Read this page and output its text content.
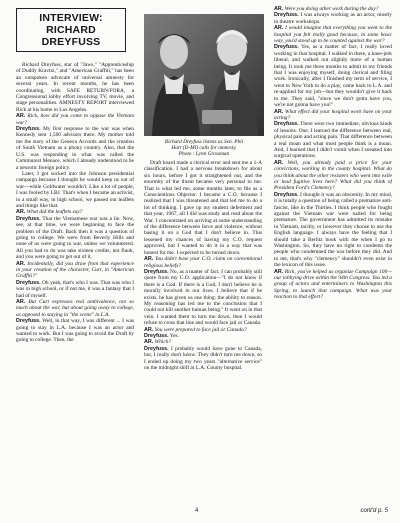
INTERVIEW:
RICHARD DREYFUSS

Richard Dreyfuss, star of "Jaws," "Apprenticeship of Duddy Kravitz," and "American Graffiti," has been an outspoken advocate of universal amnesty for several years. In recent months, he has been coordinating, with SAFE RETURN/FORA, a Congressional lobby effort involving TV, movie, and stage personalities. AMNESTY REPORT interviewed Rick at his home in Los Angeles.

AR. Rick, how did you come to oppose the Vietnam war?

Dreyfuss. My first response to the war was when Kennedy sent 1,500 advisors there. My mother told me the story of the Geneva Accords and the creation of South Vietnam as a phony country. Also, that the U.S. was responding to what was called the Communist Menace, which I already understood to be a neurotic foreign policy.

Later, I got sucked into the Johnson presidential campaign because I thought he would keep us out of war—while Goldwater wouldn't. Like a lot of people, I was fooled by LBJ. That's when I became an activist, in a small way, in high school, we passed out leaflets and things like that.

AR. What did the leaflets say?

Dreyfuss. That the Vietnamese war was a lie. Now, see, at that time, we were beginning to face the problem of the Draft. Back then it was a question of going to college. We were from Beverly Hills and none of us were going to war, unless we volunteered. All you had to do was take sixteen credits, not flunk, and you were going to get out of it.

AR. Incidentally, did you draw from that experience in your creation of the character, Curt, in "American Graffiti?"

Dreyfuss. Oh yeah, that's who I was. That was who I was in high school, or if not me, it was a fantasy that I had of myself.

AR. But Curt expresses real ambivalence, not so much about the war, but about going away to college, as opposed to staying in "the scene" in L.A.

Dreyfuss. Well, in that way, I was different ... I was going to stay in L.A. because I was an actor and wanted to work. But I was going to avoid the Draft by going to college. Then, the

Richard Dreyfuss listens as Sen. Phil
Hart (D-MI) calls for amnesty.
Photo : Lynn Grossman

Draft board made a clerical error and sent me a 1-A classification. I had a nervous breakdown for about six hours, before I got it straightened out, and the enormity of the threat became very personal to me. That is what led me, some months later, to file as a Conscientious Objector. I became a C.O. because I realized that I was threatened and that led me to do a lot of thinking. I gave up my student deferment and that year, 1967, all I did was study and read about the War. I concentrated on arriving at some understanding of the difference between force and violence, without basing it on a God that I don't believe in. This lessened my chances of having my C.O. request approved, but I wanted to do it in a way that was honest for me. I expected to be turned down.

AR. You didn't base your C.O. claim on conventional religious beliefs?

Dreyfuss. No, as a matter of fact, I can probably still quote from my C.O. application—"I do not know if there is a God. If there is a God, I don't believe he is morally involved in our lives. I believe that if he exists, he has given us one thing: the ability to reason. My reasoning has led me to the conclusion that I could not kill another human being." It went on in that vein. I wanted them to turn me down, then I would refuse to cross that line and would face jail or Canada.

AR. You were prepared to face jail or Canada?

Dreyfuss. Yes.

AR. Which?

Dreyfuss. I probably would have gone to Canada, but, I really don't know. They didn't turn me down, so I ended up doing my two years "alternative service" on the midnight shift at L.A. County hospital.

AR. Were you doing other work during the day?

Dreyfuss. I was always working as an actor, mostly in theatre workshops.

AR. I would imagine that everything you went to the hospital you felt really good because, in some basic way, you'd stood up to be counted against the war?

Dreyfuss. Yes, as a matter of fact, I really loved working in that hospital. I walked in there, a knee-jerk liberal, and walked out slightly more of a human being. It took me three months to admit to my friends that I was enjoying myself, doing clerical and filing work. Ironically, after I finished my term of service, I went to New York to do a play, came back to L.A. and re-applied for my job—but they wouldn't give it back to me. They said, "since we don't gotta have you, we're not gonna have you!"

AR. What effect did your hospital work have on your acting?

Dreyfuss. There were two immediate, obvious kinds of lessons. One, I learned the difference between real, physical pain and acting pain. That difference between a real moan and what most people think is a moan. And, I learned that I didn't vomit when I sneaked into surgical operations.

AR. Well, you already paid a price for your convictions, working in the county hospital. What do you think about the other resisters who went into exile or lead fugitive lives here? What did you think of President Ford's Clemency?

Dreyfuss. I thought it was an obscenity. In my mind, it is totally a question of being called a premature anti-fascist, like in the Thirties. I think people who fought against the Vietnam war were nailed for being premature. The government has admitted its mistake in Vietnam, tacitly, or however they choose to use the English language. I always have the feeling that I should take a Berlitz book with me when I go to Washington. So, they have no right to condemn the people who condemned the war before they did. And to me, that's why "clemency" shouldn't even exist in the lexicon of this issue.

AR. Rick, you've helped us organize Campaign 100—our lobbying drive within the 94th Congress. You led a group of actors and entertainers to Washington this Spring, to launch that campaign. What was your reaction to that effort?

4	cont'd p. 5
